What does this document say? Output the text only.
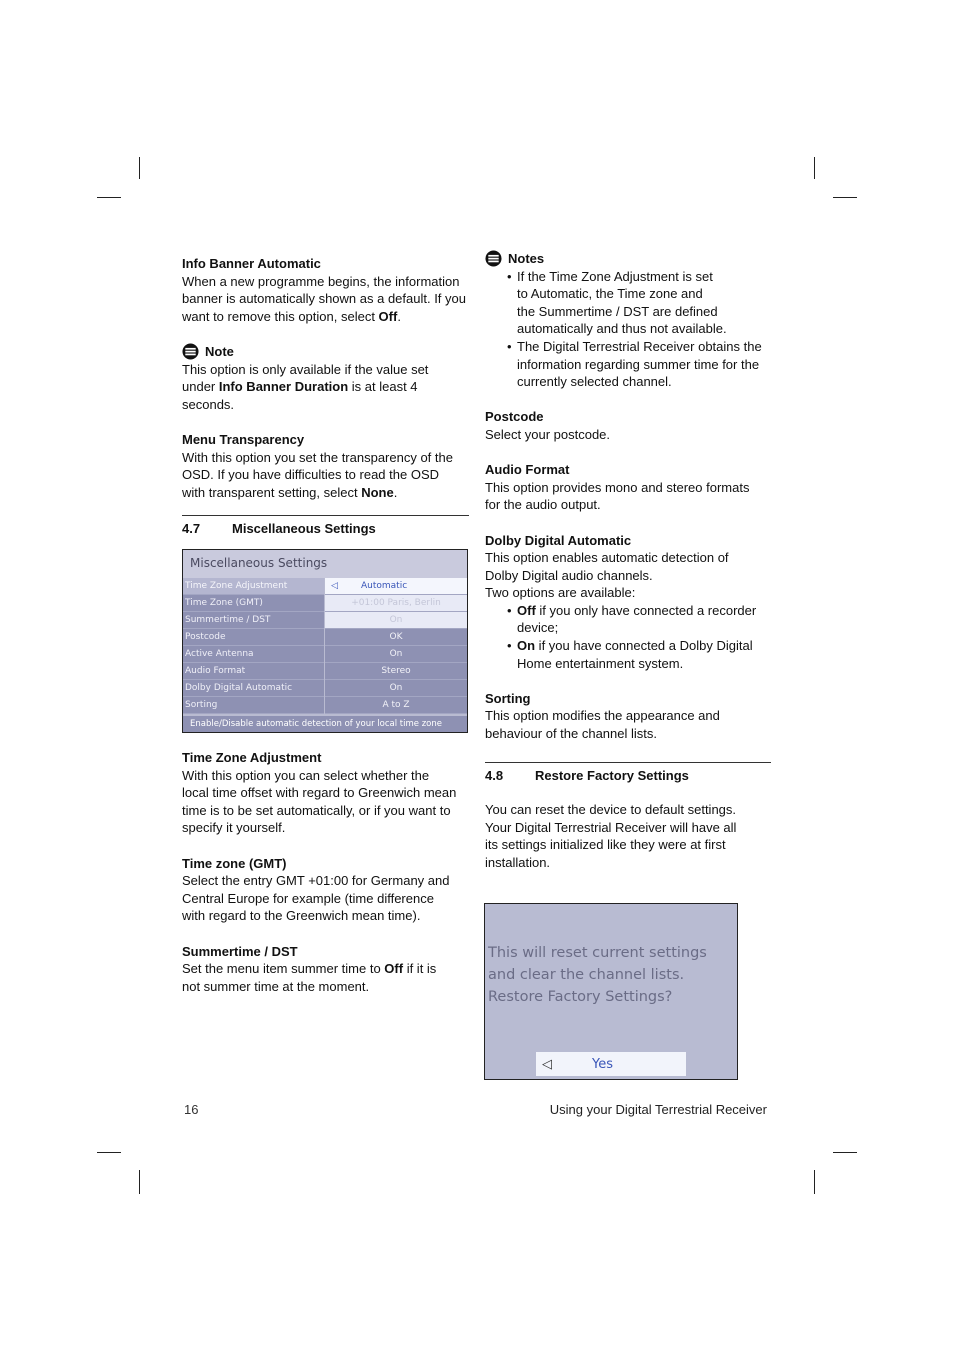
Info Banner Automatic

When a new programme begins, the information

banner is automatically shown as a default. If you

want to remove this option, select Off.

Note

This option is only available if the value set

under Info Banner Duration is at least 4

seconds.

Menu Transparency

With this option you set the transparency of the

OSD. If you have difficulties to read the OSD

with transparent setting, select None.

4.7	Miscellaneous Settings
Miscellaneous Settings
Time Zone Adjustment	◁	Automatic
Time Zone (GMT)	+01:00 Paris, Berlin
Summertime / DST	On
Postcode	OK
Active Antenna	On
Audio Format	Stereo
Dolby Digital Automatic	On
Sorting	A to Z
Enable/Disable automatic detection of your local time zone

Time Zone Adjustment

With this option you can select whether the

local time offset with regard to Greenwich mean

time is to be set automatically, or if you want to

specify it yourself.

Time zone (GMT)

Select the entry GMT +01:00 for Germany and

Central Europe for example (time difference

with regard to the Greenwich mean time).

Summertime / DST

Set the menu item summer time to Off if it is

not summer time at the moment.

Notes

• If the Time Zone Adjustment is set
to Automatic, the Time zone and
the Summertime / DST are defined
automatically and thus not available.
• The Digital Terrestrial Receiver obtains the
information regarding summer time for the
currently selected channel.

Postcode

Select your postcode.

Audio Format

This option provides mono and stereo formats

for the audio output.

Dolby Digital Automatic

This option enables automatic detection of

Dolby Digital audio channels.

Two options are available:

• Off if you only have connected a recorder
device;
• On if you have connected a Dolby Digital
Home entertainment system.

Sorting

This option modifies the appearance and

behaviour of the channel lists.

4.8	Restore Factory Settings

You can reset the device to default settings.

Your Digital Terrestrial Receiver will have all

its settings initialized like they were at first

installation.

This will reset current settings
and clear the channel lists.
Restore Factory Settings?
◁	Yes
16	Using your Digital Terrestrial Receiver
